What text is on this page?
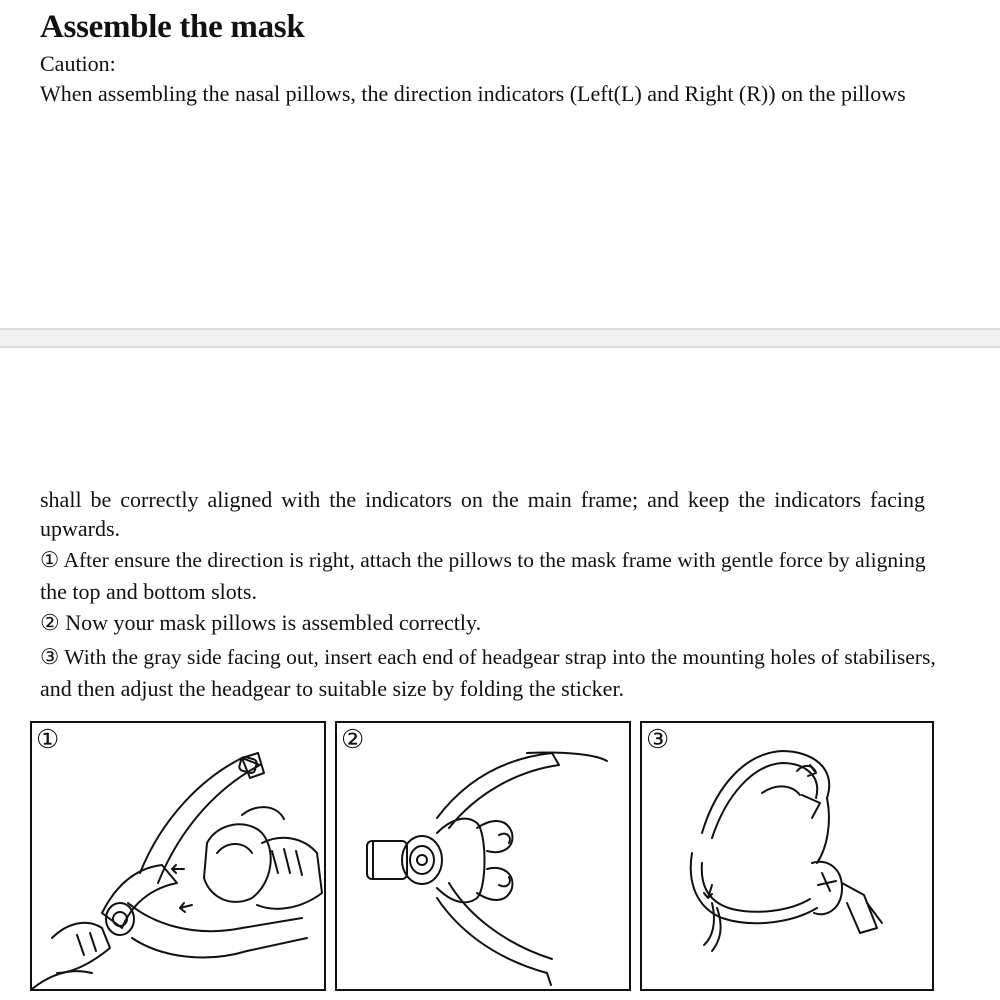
Assemble the mask
Caution:
When assembling the nasal pillows, the direction indicators (Left(L) and Right (R)) on the pillows
shall be correctly aligned with the indicators on the main frame; and keep the indicators facing
upwards.
① After ensure the direction is right, attach the pillows to the mask frame with gentle force by aligning
the top and bottom slots.
② Now your mask pillows is assembled correctly.
③ With the gray side facing out, insert each end of headgear strap into the mounting holes of stabilisers,
and then adjust the headgear to suitable size by folding the sticker.
①	②	③
